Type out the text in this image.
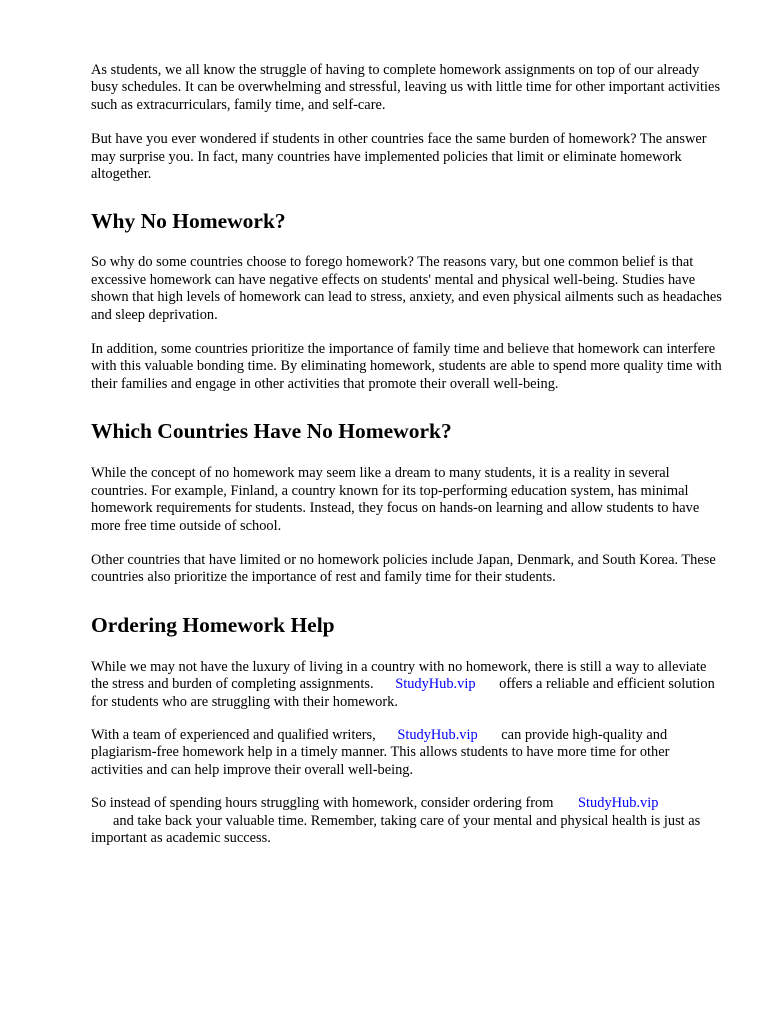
As students, we all know the struggle of having to complete homework assignments on top of our already busy schedules. It can be overwhelming and stressful, leaving us with little time for other important activities such as extracurriculars, family time, and self-care.

But have you ever wondered if students in other countries face the same burden of homework? The answer may surprise you. In fact, many countries have implemented policies that limit or eliminate homework altogether.

Why No Homework?

So why do some countries choose to forego homework? The reasons vary, but one common belief is that excessive homework can have negative effects on students' mental and physical well-being. Studies have shown that high levels of homework can lead to stress, anxiety, and even physical ailments such as headaches and sleep deprivation.

In addition, some countries prioritize the importance of family time and believe that homework can interfere with this valuable bonding time. By eliminating homework, students are able to spend more quality time with their families and engage in other activities that promote their overall well-being.

Which Countries Have No Homework?

While the concept of no homework may seem like a dream to many students, it is a reality in several countries. For example, Finland, a country known for its top-performing education system, has minimal homework requirements for students. Instead, they focus on hands-on learning and allow students to have more free time outside of school.

Other countries that have limited or no homework policies include Japan, Denmark, and South Korea. These countries also prioritize the importance of rest and family time for their students.

Ordering Homework Help

While we may not have the luxury of living in a country with no homework, there is still a way to alleviate the stress and burden of completing assignments. StudyHub.vip offers a reliable and efficient solution for students who are struggling with their homework.

With a team of experienced and qualified writers, StudyHub.vip can provide high-quality and plagiarism-free homework help in a timely manner. This allows students to have more time for other activities and can help improve their overall well-being.

So instead of spending hours struggling with homework, consider ordering from StudyHub.vip
and take back your valuable time. Remember, taking care of your mental and physical health is just as important as academic success.
